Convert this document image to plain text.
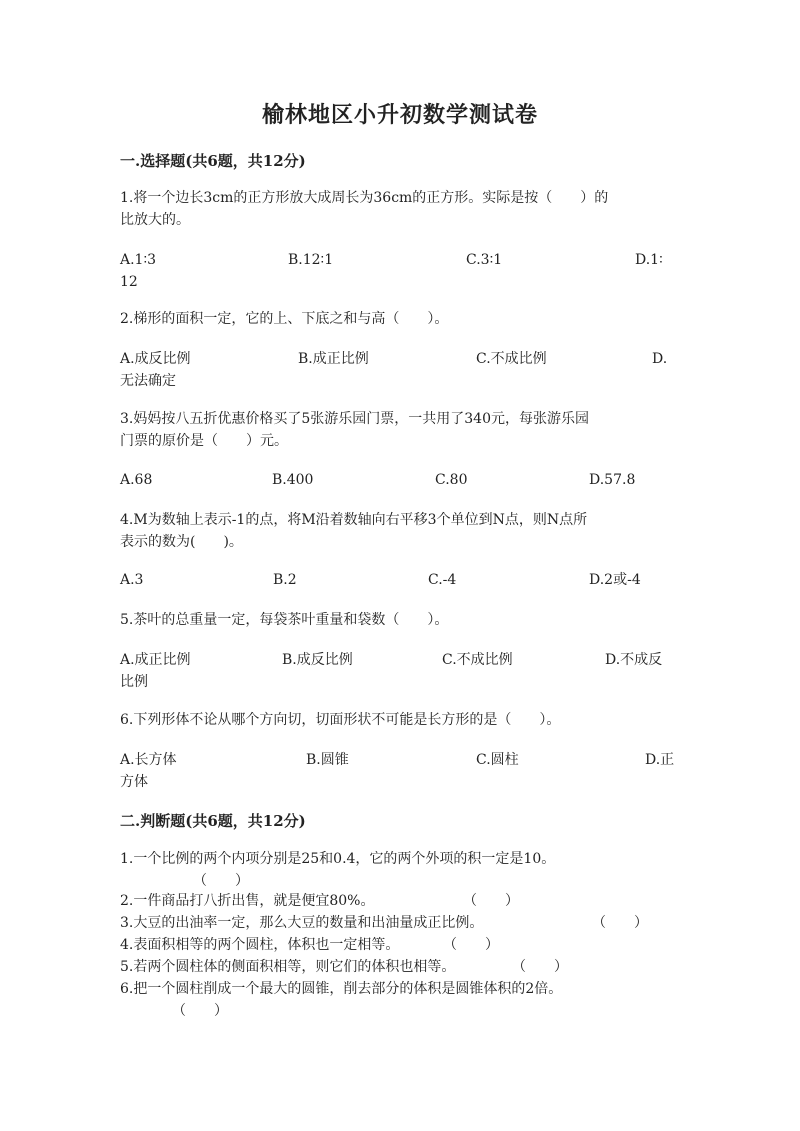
榆林地区小升初数学测试卷
一.选择题(共6题，共12分)
1.将一个边长3cm的正方形放大成周长为36cm的正方形。实际是按（　　）的
比放大的。
A.1∶3	B.12∶1	C.3∶1	D.1∶
12
2.梯形的面积一定，它的上、下底之和与高（　　）。
A.成反比例	B.成正比例	C.不成比例	D.
无法确定
3.妈妈按八五折优惠价格买了5张游乐园门票，一共用了340元，每张游乐园
门票的原价是（　　）元。
A.68	B.400	C.80	D.57.8
4.M为数轴上表示-1的点，将M沿着数轴向右平移3个单位到N点，则N点所
表示的数为(　　)。
A.3	B.2	C.-4	D.2或-4
5.茶叶的总重量一定，每袋茶叶重量和袋数（　　）。
A.成正比例	B.成反比例	C.不成比例	D.不成反
比例
6.下列形体不论从哪个方向切，切面形状不可能是长方形的是（　　）。
A.长方体	B.圆锥	C.圆柱	D.正
方体
二.判断题(共6题，共12分)
1.一个比例的两个内项分别是25和0.4，它的两个外项的积一定是10。
（　　）
2.一件商品打八折出售，就是便宜80%。	（　　）
3.大豆的出油率一定，那么大豆的数量和出油量成正比例。	（　　）
4.表面积相等的两个圆柱，体积也一定相等。	（　　）
5.若两个圆柱体的侧面积相等，则它们的体积也相等。	（　　）
6.把一个圆柱削成一个最大的圆锥，削去部分的体积是圆锥体积的2倍。
（　　）
